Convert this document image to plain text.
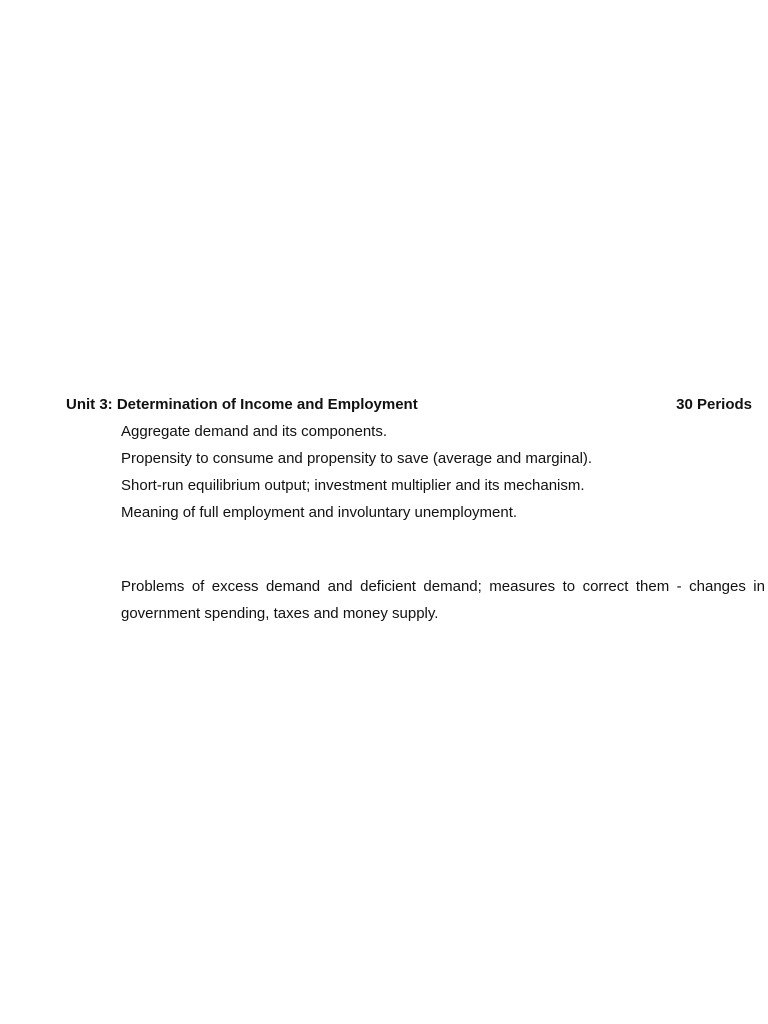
Unit 3: Determination of Income and Employment	30 Periods
Aggregate demand and its components.
Propensity to consume and propensity to save (average and marginal).
Short-run equilibrium output; investment multiplier and its mechanism.
Meaning of full employment and involuntary unemployment.

Problems of excess demand and deficient demand; measures to correct them - changes in government spending, taxes and money supply.
